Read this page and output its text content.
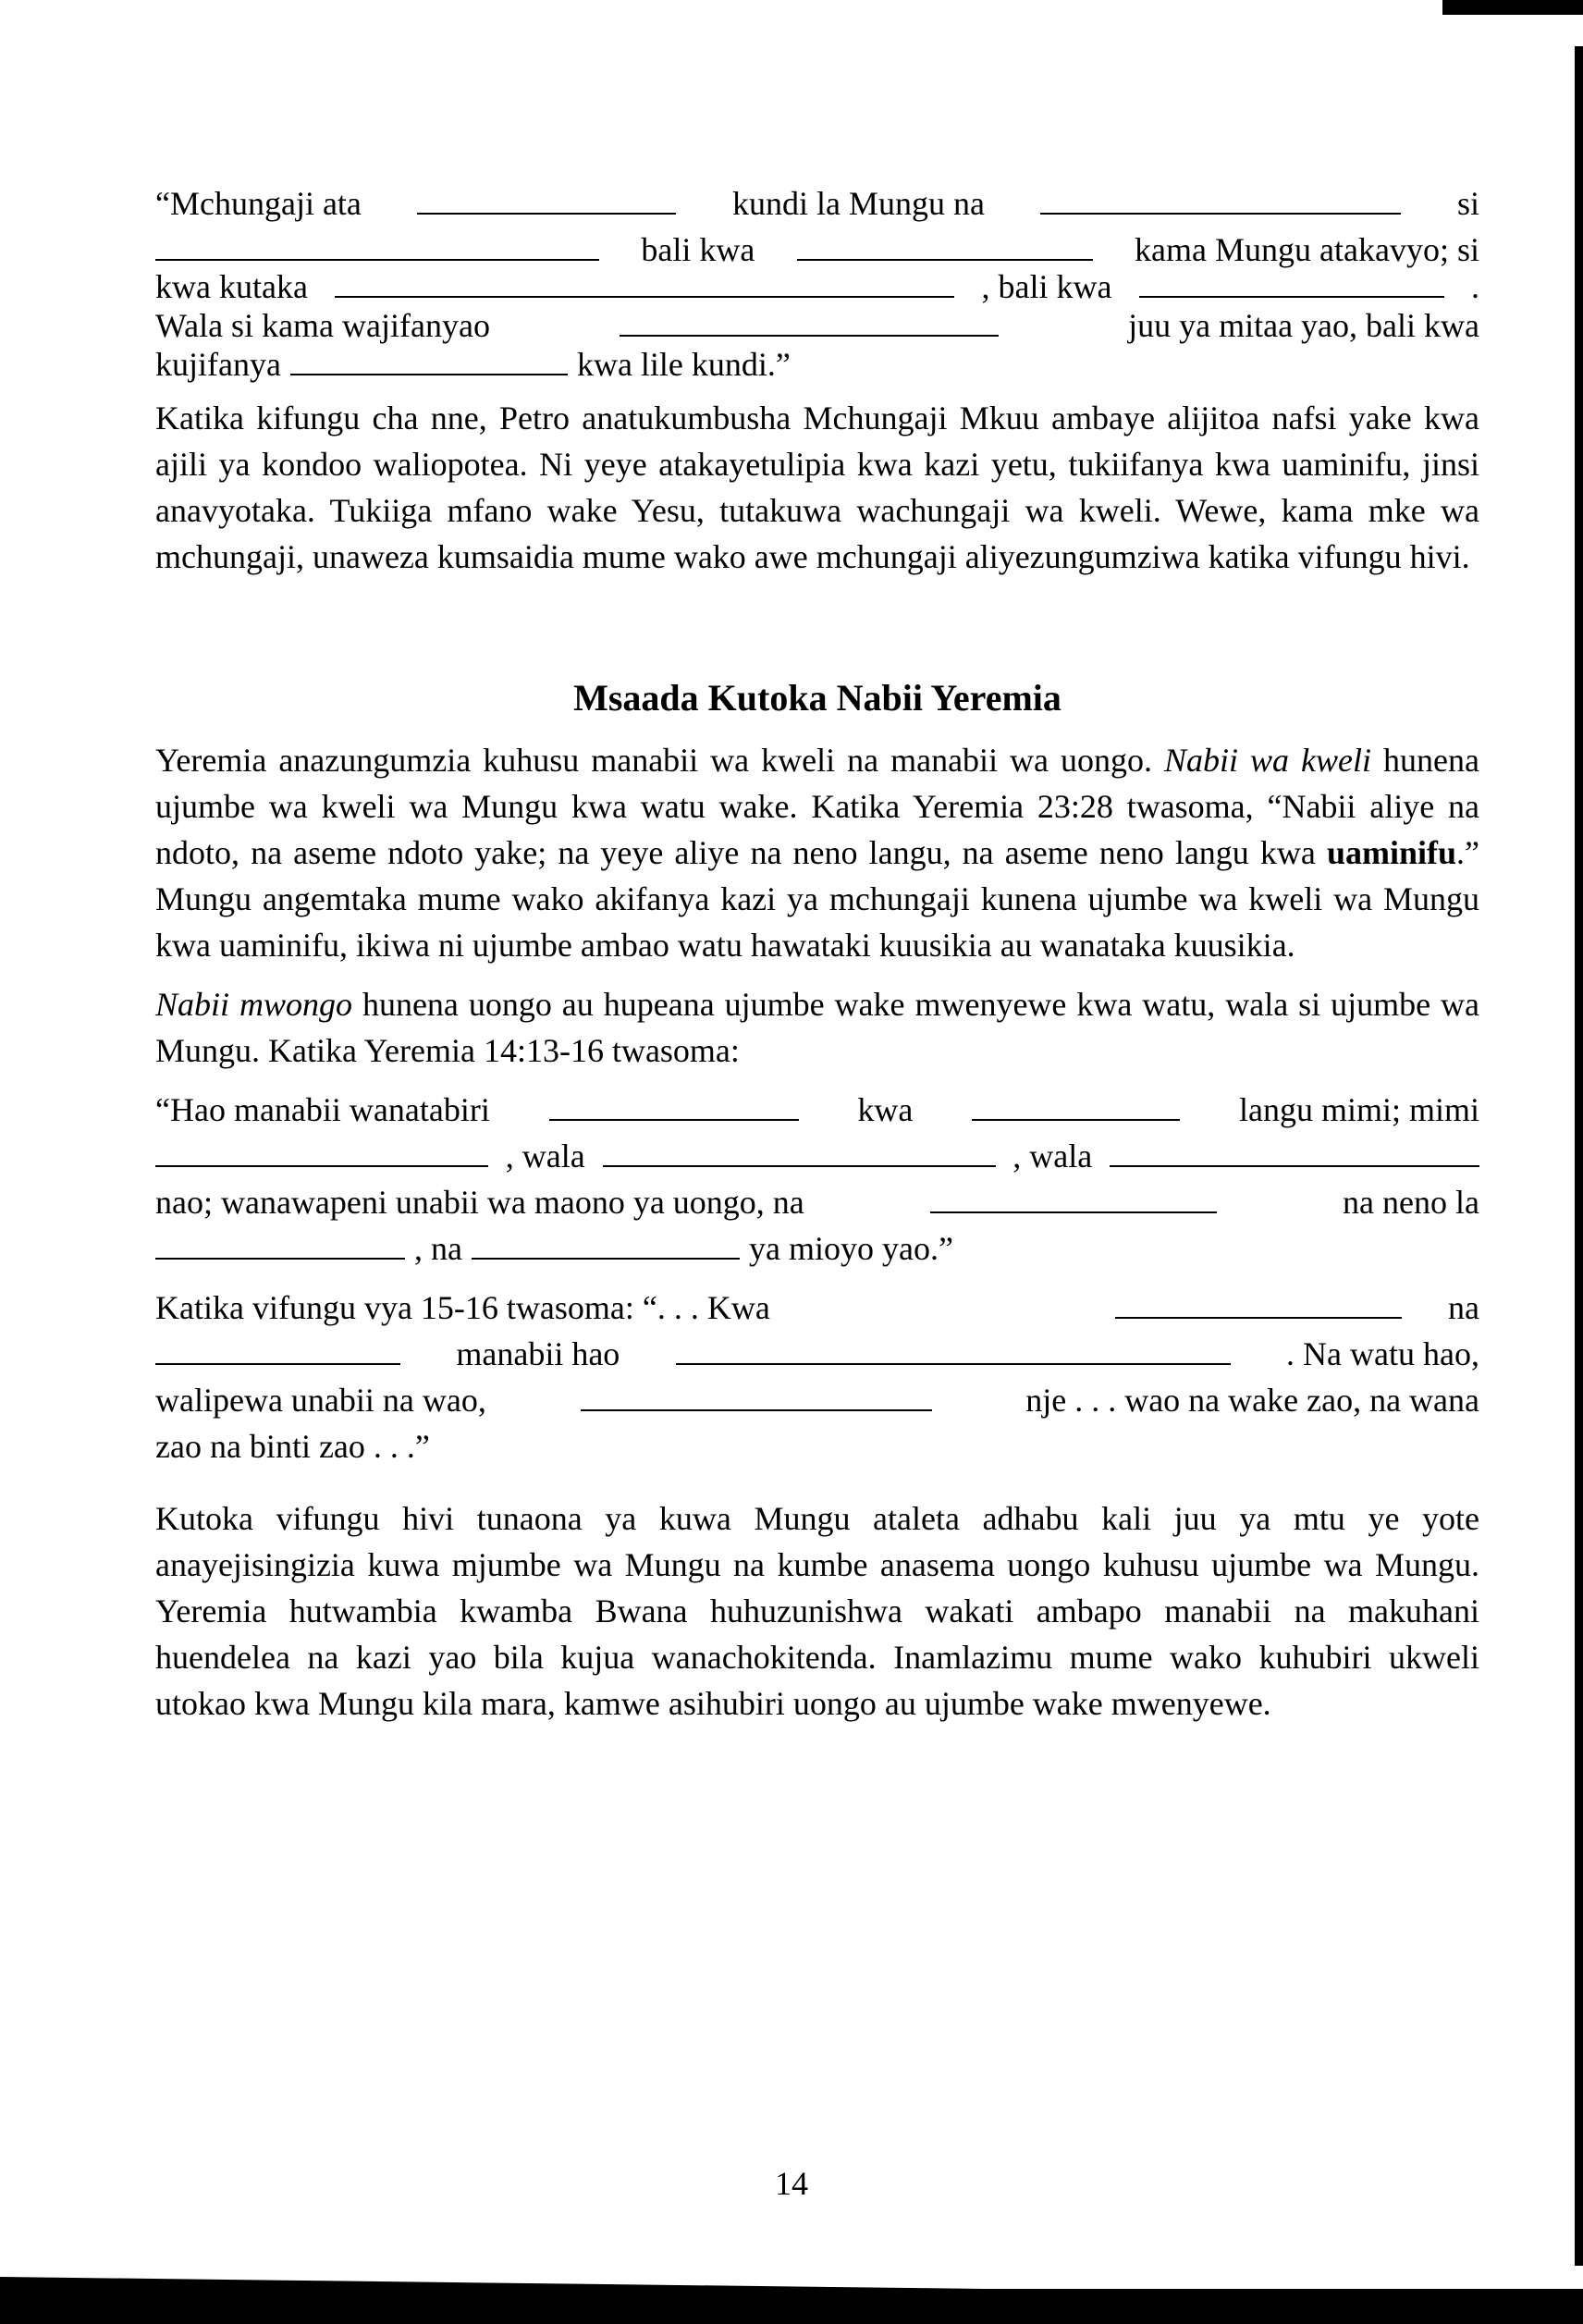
“Mchungaji ata	kundi la Mungu na	si
bali kwa	kama Mungu atakavyo; si
kwa kutaka	, bali kwa	.
Wala si kama wajifanyao	juu ya mitaa yao, bali kwa
kujifanya	kwa lile kundi.”

Katika kifungu cha nne, Petro anatukumbusha Mchungaji Mkuu ambaye alijitoa nafsi yake kwa ajili ya kondoo waliopotea. Ni yeye atakayetulipia kwa kazi yetu, tukiifanya kwa uaminifu, jinsi anavyotaka. Tukiiga mfano wake Yesu, tutakuwa wachungaji wa kweli. Wewe, kama mke wa mchungaji, unaweza kumsaidia mume wako awe mchungaji aliyezungumziwa katika vifungu hivi.

Msaada Kutoka Nabii Yeremia

Yeremia anazungumzia kuhusu manabii wa kweli na manabii wa uongo. Nabii wa kweli hunena ujumbe wa kweli wa Mungu kwa watu wake. Katika Yeremia 23:28 twasoma, “Nabii aliye na ndoto, na aseme ndoto yake; na yeye aliye na neno langu, na aseme neno langu kwa uaminifu.” Mungu angemtaka mume wako akifanya kazi ya mchungaji kunena ujumbe wa kweli wa Mungu kwa uaminifu, ikiwa ni ujumbe ambao watu hawataki kuusikia au wanataka kuusikia.

Nabii mwongo hunena uongo au hupeana ujumbe wake mwenyewe kwa watu, wala si ujumbe wa Mungu. Katika Yeremia 14:13-16 twasoma:

“Hao manabii wanatabiri	kwa	langu mimi; mimi
, wala	, wala
nao; wanawapeni unabii wa maono ya uongo, na	na neno la
, na	ya mioyo yao.”
Katika vifungu vya 15-16 twasoma: “. . . Kwa	na
manabii hao	. Na watu hao,
walipewa unabii na wao,	nje . . . wao na wake zao, na wana
zao na binti zao . . .”

Kutoka vifungu hivi tunaona ya kuwa Mungu ataleta adhabu kali juu ya mtu ye yote anayejisingizia kuwa mjumbe wa Mungu na kumbe anasema uongo kuhusu ujumbe wa Mungu. Yeremia hutwambia kwamba Bwana huhuzunishwa wakati ambapo manabii na makuhani huendelea na kazi yao bila kujua wanachokitenda. Inamlazimu mume wako kuhubiri ukweli utokao kwa Mungu kila mara, kamwe asihubiri uongo au ujumbe wake mwenyewe.

14
